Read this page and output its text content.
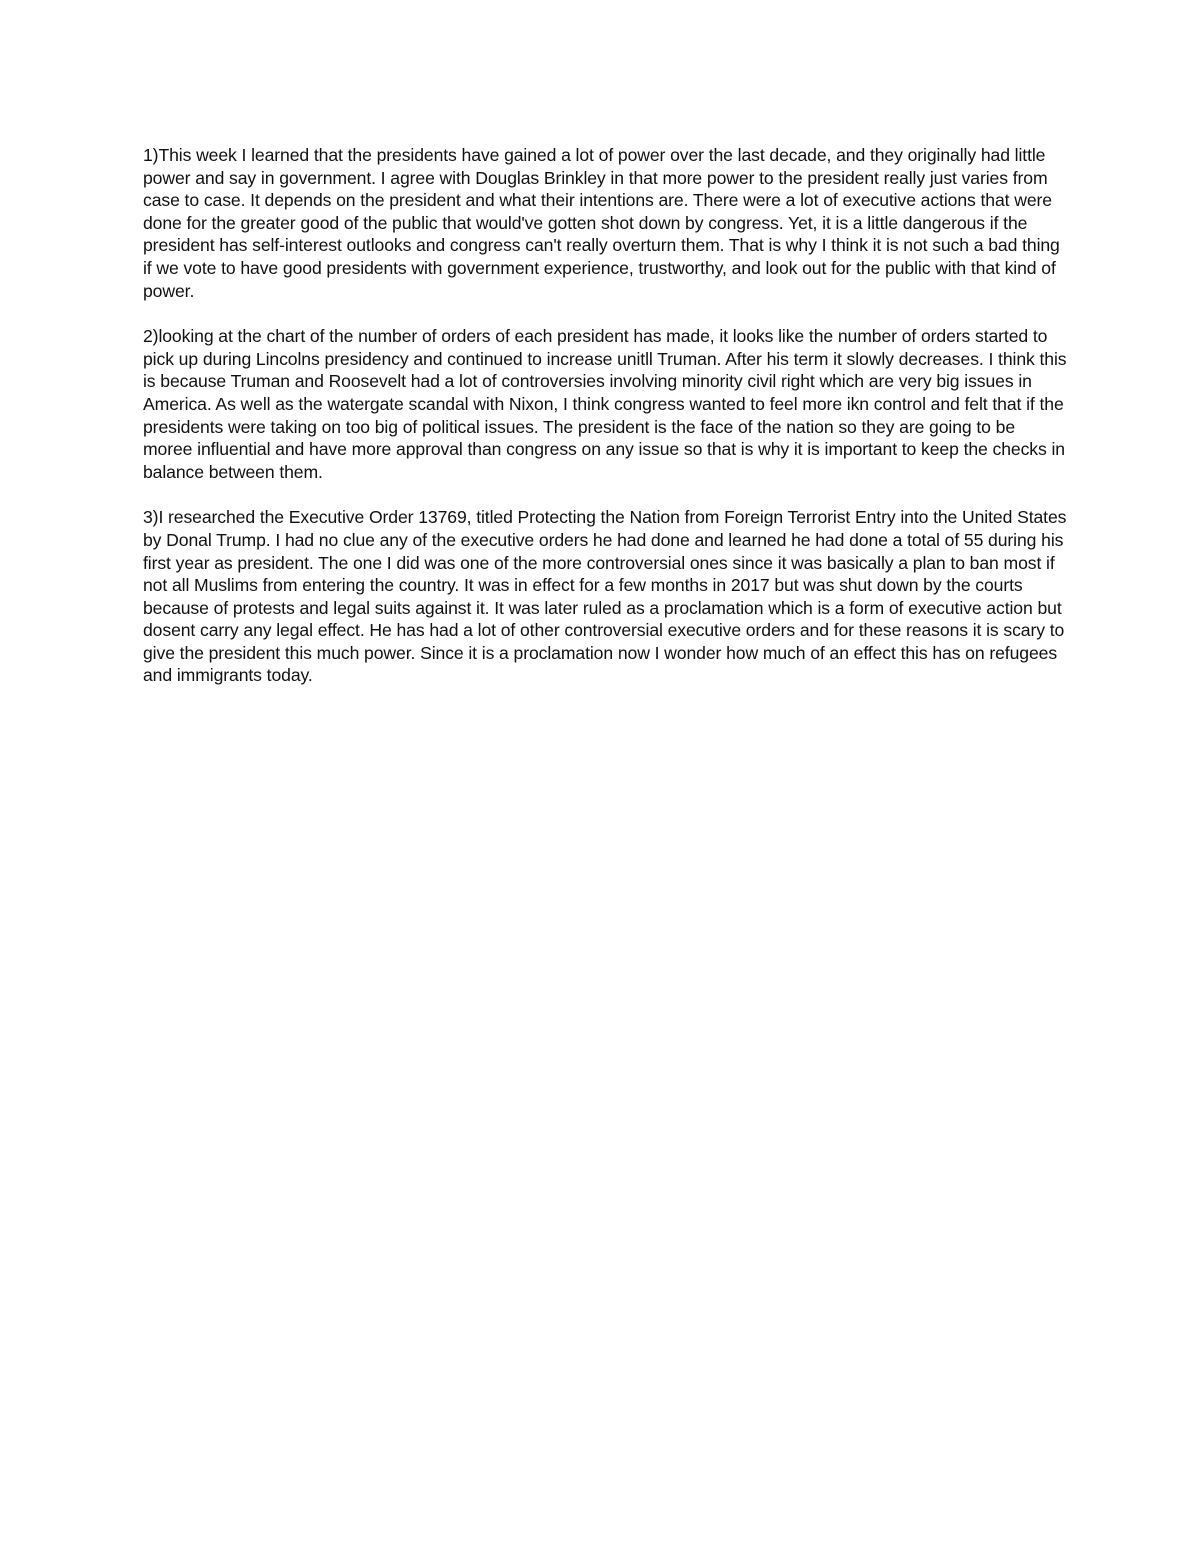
1)This week I learned that the presidents have gained a lot of power over the last decade, and they originally had little power and say in government. I agree with Douglas Brinkley in that more power to the president really just varies from case to case. It depends on the president and what their intentions are. There were a lot of executive actions that were done for the greater good of the public that would've gotten shot down by congress. Yet, it is a little dangerous if the president has self-interest outlooks and congress can't really overturn them. That is why I think it is not such a bad thing if we vote to have good presidents with government experience, trustworthy, and look out for the public with that kind of power.

2)looking at the chart of the number of orders of each president has made, it looks like the number of orders started to pick up during Lincolns presidency and continued to increase unitll Truman. After his term it slowly decreases. I think this is because Truman and Roosevelt had a lot of controversies involving minority civil right which are very big issues in America. As well as the watergate scandal with Nixon, I think congress wanted to feel more ikn control and felt that if the presidents were taking on too big of political issues. The president is the face of the nation so they are going to be moree influential and have more approval than congress on any issue so that is why it is important to keep the checks in balance between them.

3)I researched the Executive Order 13769, titled Protecting the Nation from Foreign Terrorist Entry into the United States by Donal Trump. I had no clue any of the executive orders he had done and learned he had done a total of 55 during his first year as president. The one I did was one of the more controversial ones since it was basically a plan to ban most if not all Muslims from entering the country. It was in effect for a few months in 2017 but was shut down by the courts because of protests and legal suits against it. It was later ruled as a proclamation which is a form of executive action but dosent carry any legal effect. He has had a lot of other controversial executive orders and for these reasons it is scary to give the president this much power. Since it is a proclamation now I wonder how much of an effect this has on refugees and immigrants today.
